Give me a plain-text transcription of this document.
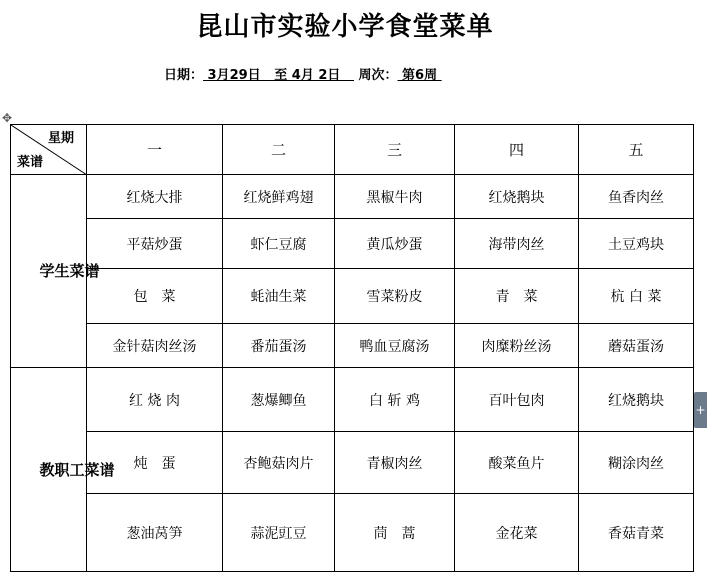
昆山市实验小学食堂菜单
日期： 3月29日   至 4月 2日    周次： 第6周
✥
星期
菜谱	一	二	三	四	五
学生菜谱	红烧大排	红烧鲜鸡翅	黑椒牛肉	红烧鹅块	鱼香肉丝
	平菇炒蛋	虾仁豆腐	黄瓜炒蛋	海带肉丝	土豆鸡块
	包　菜	蚝油生菜	雪菜粉皮	青　菜	杭 白 菜
	金针菇肉丝汤	番茄蛋汤	鸭血豆腐汤	肉糜粉丝汤	蘑菇蛋汤
教职工菜谱	红 烧 肉	葱爆鲫鱼	白 斩 鸡	百叶包肉	红烧鹅块
	炖　蛋	杏鲍菇肉片	青椒肉丝	酸菜鱼片	糊涂肉丝
	葱油莴笋	蒜泥豇豆	茼　蒿	金花菜	香菇青菜
+
